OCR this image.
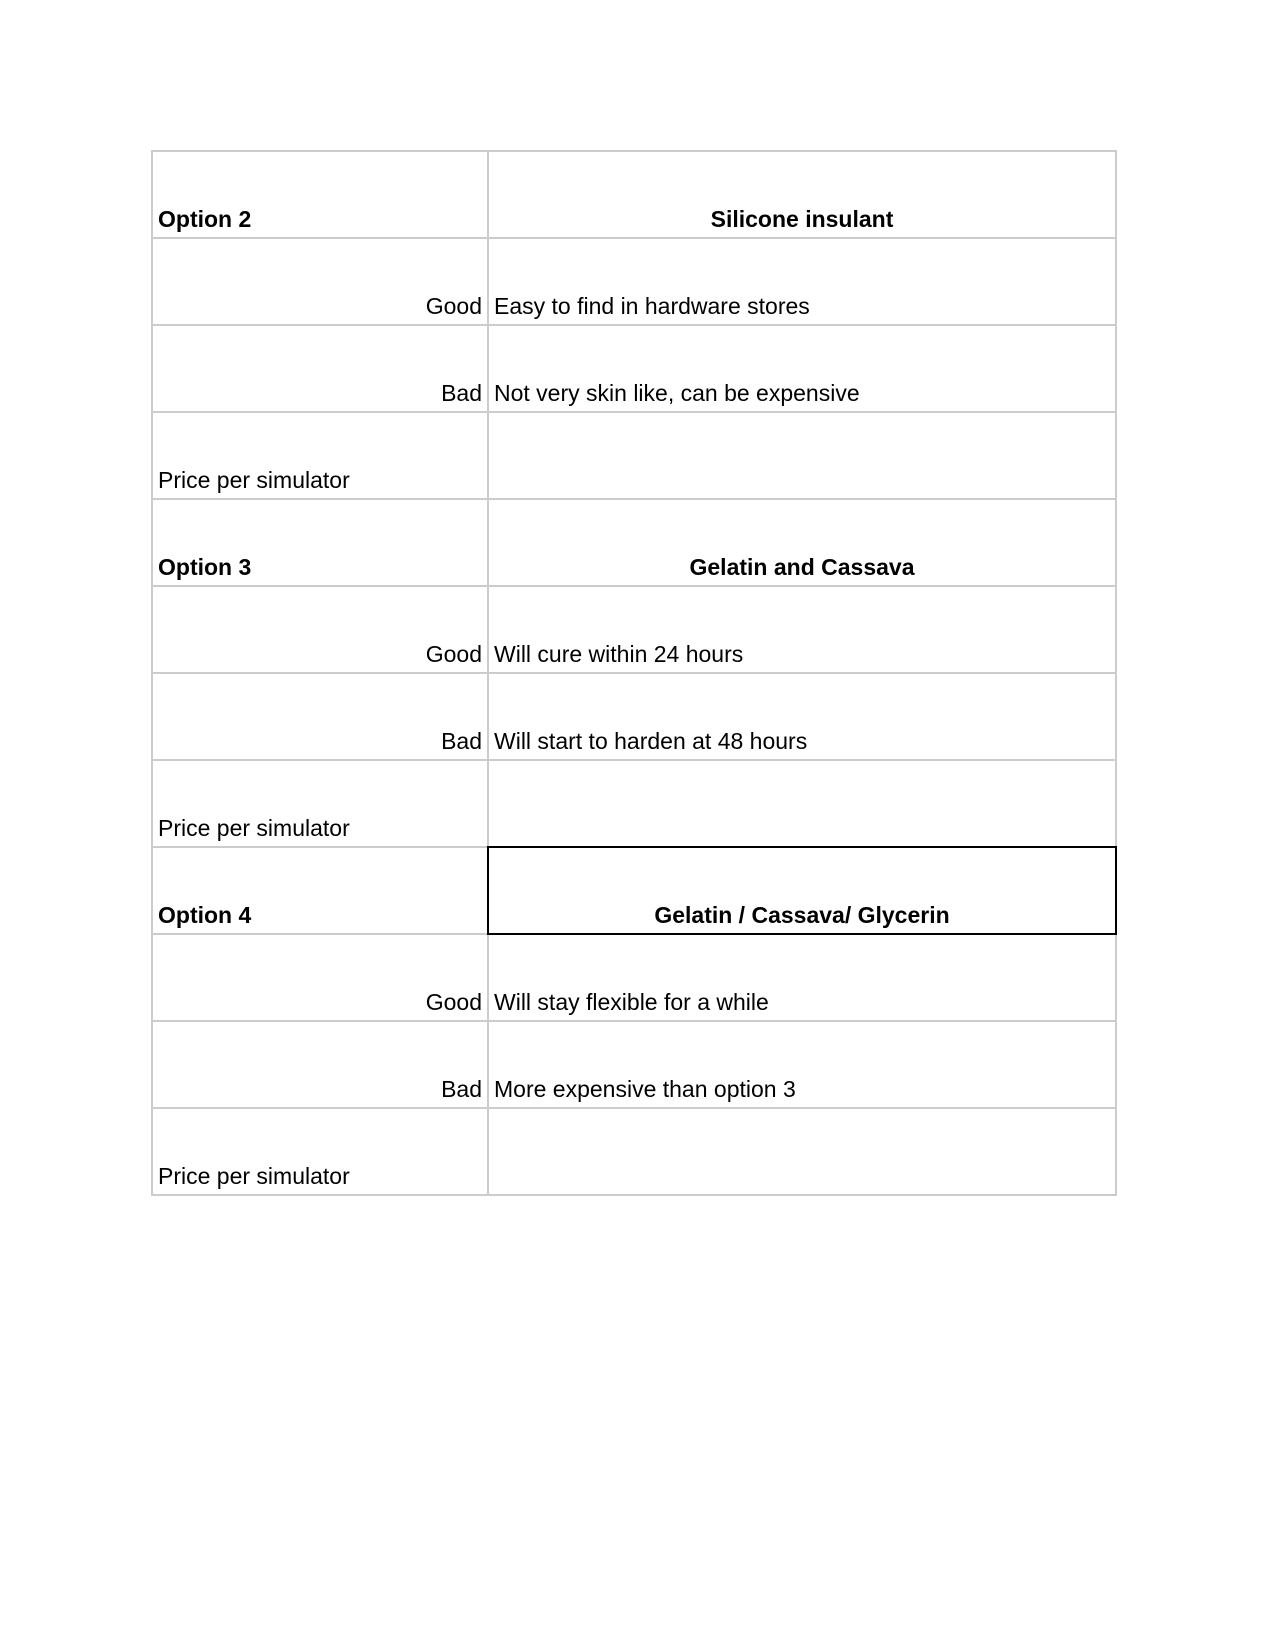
Option 2	Silicone insulant
Good	Easy to find in hardware stores
Bad	Not very skin like, can be expensive
Price per simulator	
Option 3	Gelatin and Cassava
Good	Will cure within 24 hours
Bad	Will start to harden at 48 hours
Price per simulator	
Option 4	Gelatin / Cassava/ Glycerin
Good	Will stay flexible for a while
Bad	More expensive than option 3
Price per simulator	
